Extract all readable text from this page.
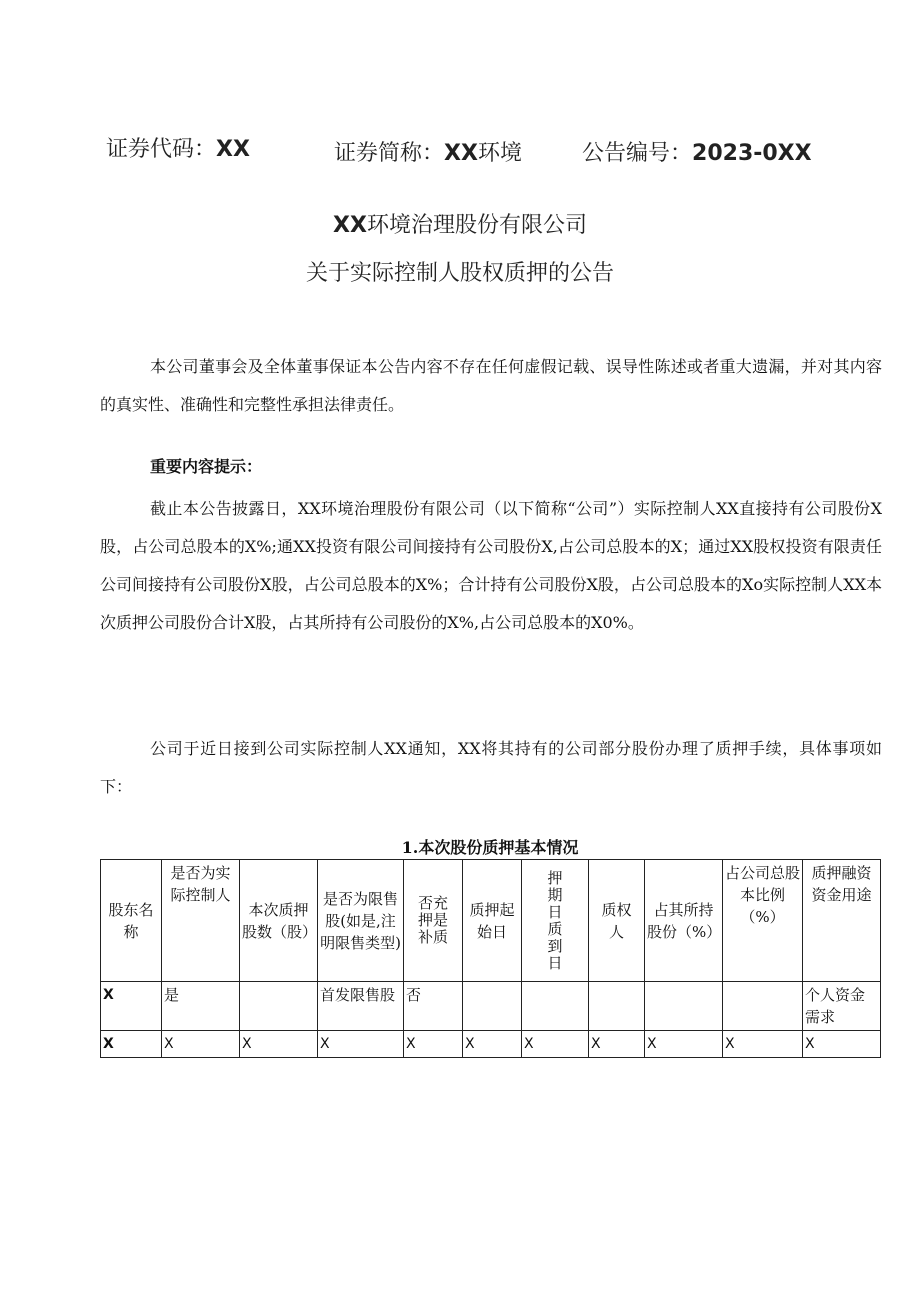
证券代码：XX	证券简称：XX环境	公告编号：2023-0XX
XX环境治理股份有限公司
关于实际控制人股权质押的公告

本公司董事会及全体董事保证本公告内容不存在任何虚假记载、误导性陈述或者重大遗漏，并对其内容的真实性、准确性和完整性承担法律责任。

重要内容提示：

截止本公告披露日，XX环境治理股份有限公司（以下简称“公司”）实际控制人XX直接持有公司股份X股，占公司总股本的X%;通XX投资有限公司间接持有公司股份X,占公司总股本的X；通过XX股权投资有限责任公司间接持有公司股份X股，占公司总股本的X%；合计持有公司股份X股，占公司总股本的Xo实际控制人XX本次质押公司股份合计X股，占其所持有公司股份的X%,占公司总股本的X0%。

公司于近日接到公司实际控制人XX通知，XX将其持有的公司部分股份办理了质押手续，具体事项如下：

1.本次股份质押基本情况
股东名称	是否为实际控制人	本次质押股数（股）	是否为限售股(如是,注明限售类型)	否充押是补质	质押起始日	押期日质到日	质权人	占其所持股份（%）	占公司总股本比例（%）	质押融资资金用途
X	是		首发限售股	否						个人资金需求
X	X	X	X	X	X	X	X	X	X	X
